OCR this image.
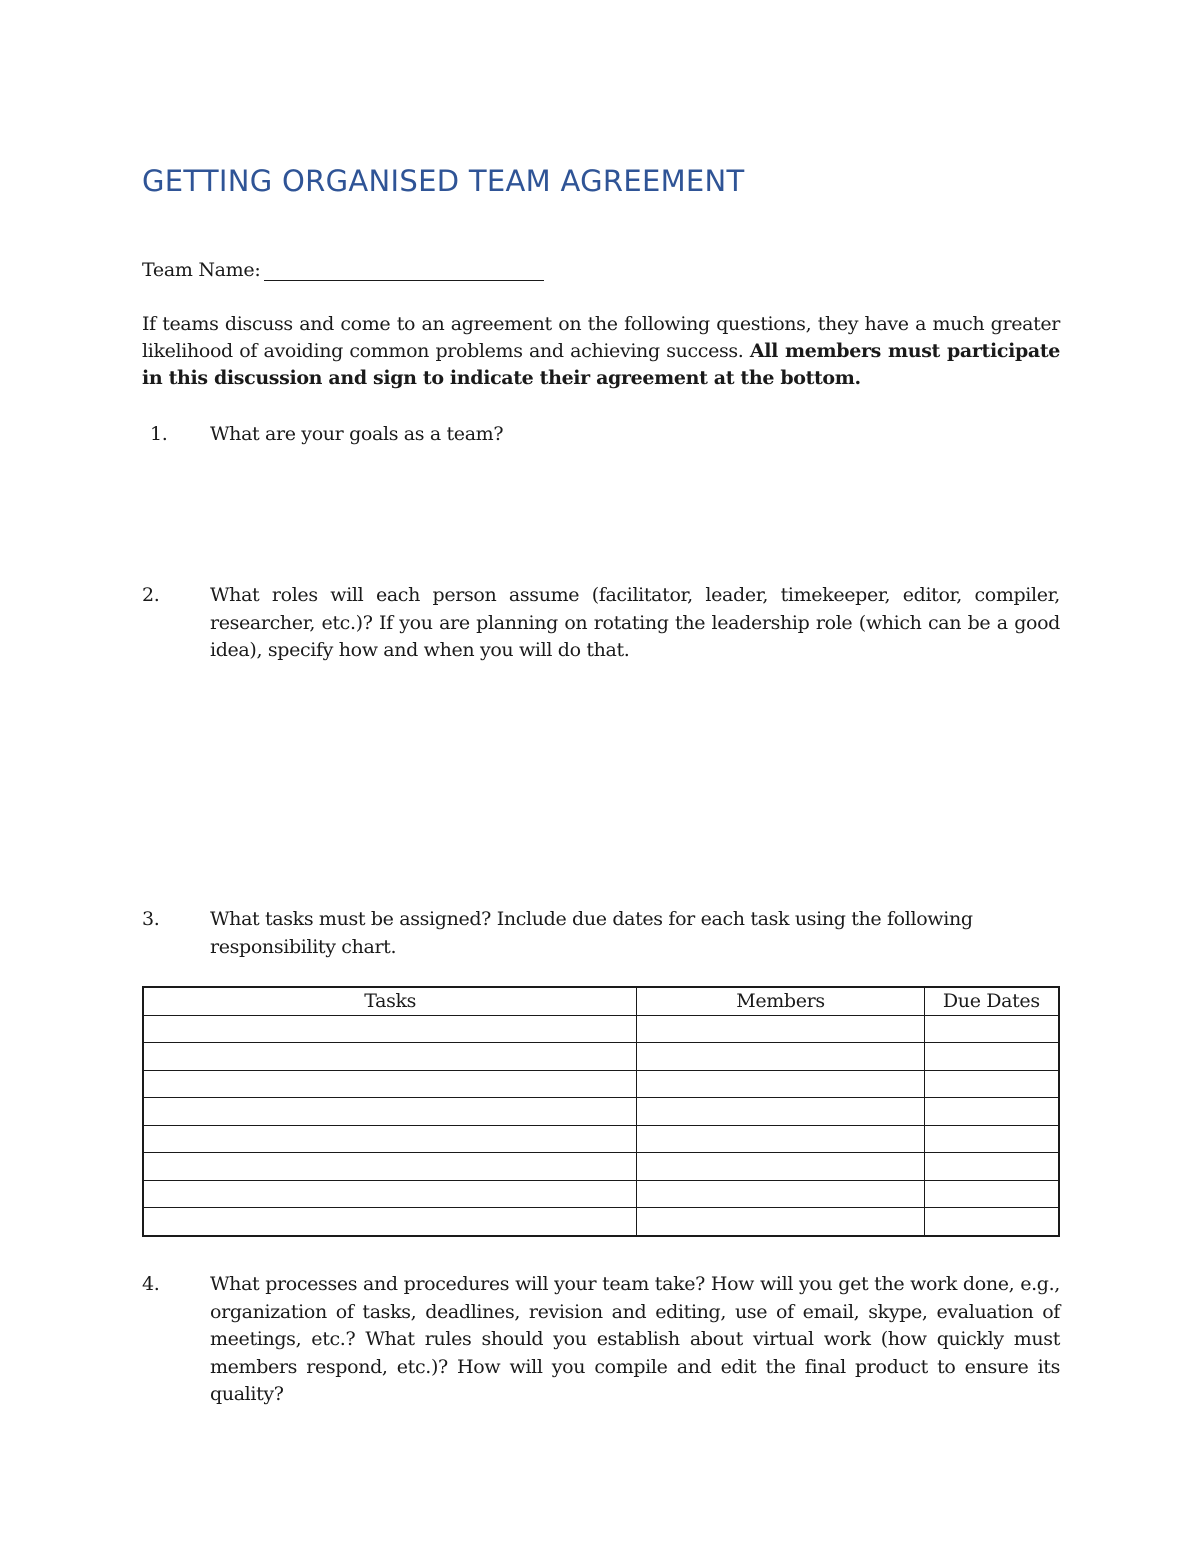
GETTING ORGANISED TEAM AGREEMENT
Team Name:
If teams discuss and come to an agreement on the following questions, they have a much greater likelihood of avoiding common problems and achieving success. All members must participate in this discussion and sign to indicate their agreement at the bottom.
1. What are your goals as a team?
2.	What roles will each person assume (facilitator, leader, timekeeper, editor, compiler, researcher, etc.)? If you are planning on rotating the leadership role (which can be a good idea), specify how and when you will do that.
3.	What tasks must be assigned? Include due dates for each task using the following responsibility chart.
Tasks	Members	Due Dates

4.	What processes and procedures will your team take? How will you get the work done, e.g., organization of tasks, deadlines, revision and editing, use of email, skype, evaluation of meetings, etc.? What rules should you establish about virtual work (how quickly must members respond, etc.)? How will you compile and edit the final product to ensure its quality?
